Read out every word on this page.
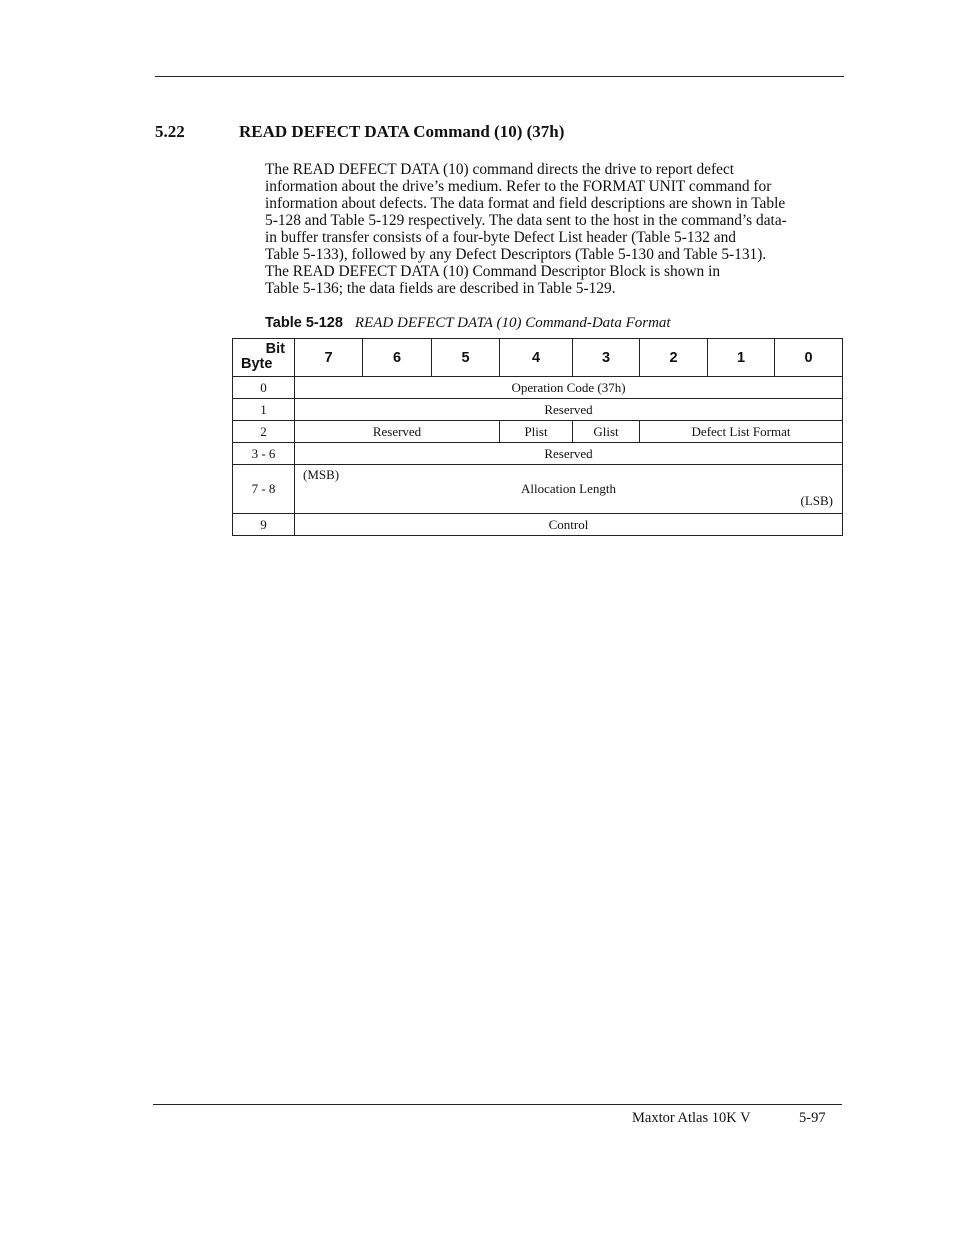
5.22	READ DEFECT DATA Command (10) (37h)
The READ DEFECT DATA (10) command directs the drive to report defect
information about the drive’s medium. Refer to the FORMAT UNIT command for
information about defects. The data format and field descriptions are shown in Table
5-128 and Table 5-129 respectively. The data sent to the host in the command’s data-
in buffer transfer consists of a four-byte Defect List header (Table 5-132 and
Table 5-133), followed by any Defect Descriptors (Table 5-130 and Table 5-131).
The READ DEFECT DATA (10) Command Descriptor Block is shown in
Table 5-136; the data fields are described in Table 5-129.
Table 5-128 READ DEFECT DATA (10) Command-Data Format
Bit
Byte	7	6	5	4	3	2	1	0
0	Operation Code (37h)							
1	Reserved							
2	Reserved			Plist	Glist	Defect List Format		
3 - 6	Reserved							
7 - 8	(MSB)
Allocation Length
(LSB)							

9	Control							
Maxtor Atlas 10K V	5-97
